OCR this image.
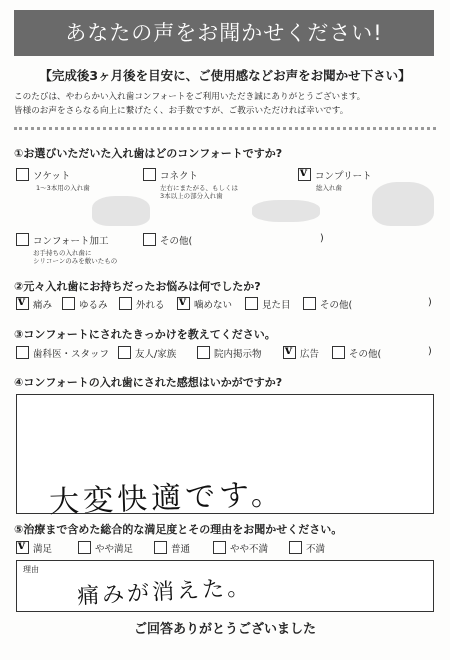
あなたの声をお聞かせください!
【完成後3ヶ月後を目安に、ご使用感などお声をお聞かせ下さい】
このたびは、やわらかい入れ歯コンフォートをご利用いただき誠にありがとうございます。
皆様のお声をさらなる向上に繋げたく、お手数ですが、ご教示いただければ幸いです。
①お選びいただいた入れ歯はどのコンフォートですか?
ソケット
1～3本用の入れ歯
コネクト
左右にまたがる、もしくは
3本以上の部分入れ歯
vコンプリート
総入れ歯
コンフォート加工
お手持ちの入れ歯に
シリコーンのみを敷いたもの
その他(	)
②元々入れ歯にお持ちだったお悩みは何でしたか?
v痛み	ゆるみ	外れる v	噛めない	見た目	その他(	)
③コンフォートにされたきっかけを教えてください。
歯科医・スタッフ	友人/家族	院内掲示物 v	広告	その他(	)
④コンフォートの入れ歯にされた感想はいかがですか?
大変快適です。
⑤治療まで含めた総合的な満足度とその理由をお聞かせください。
v満足	やや満足	普通	やや不満	不満
理由
痛みが消えた。
ご回答ありがとうございました
